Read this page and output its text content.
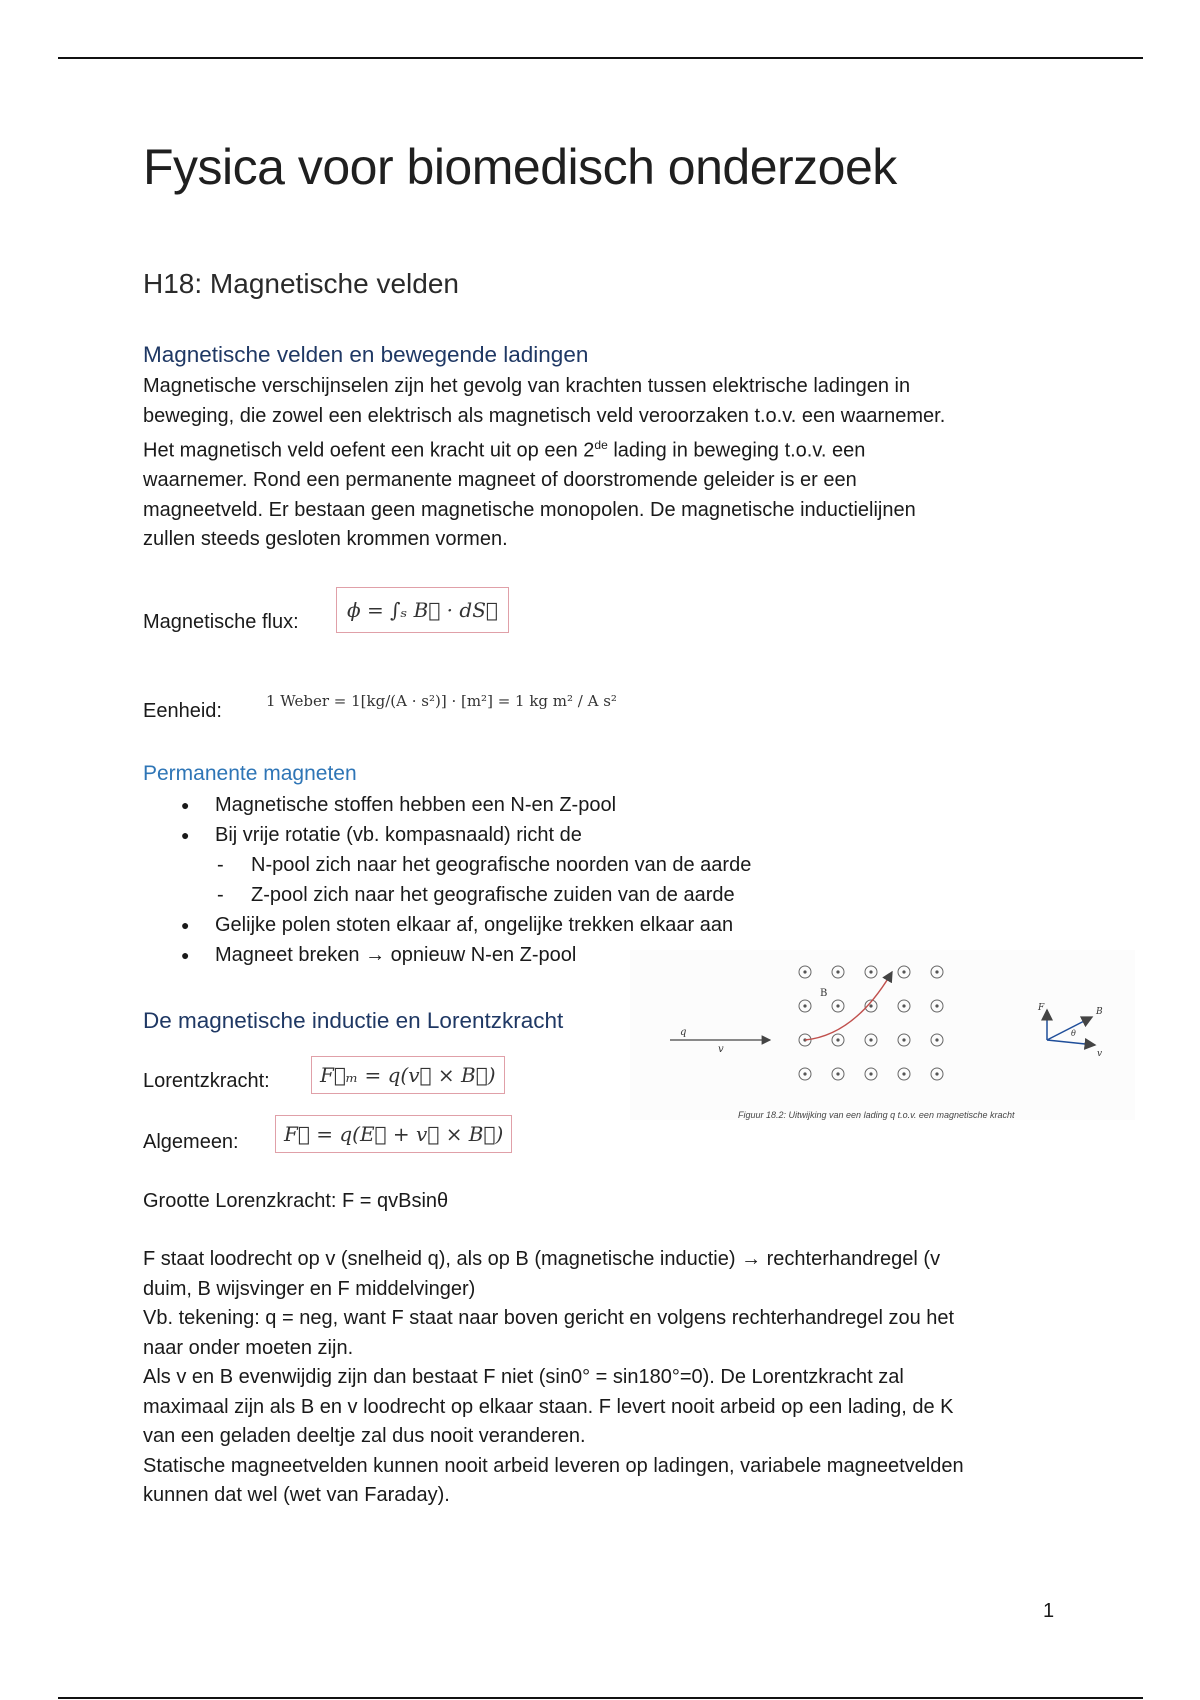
Fysica voor biomedisch onderzoek
H18: Magnetische velden
Magnetische velden en bewegende ladingen
Magnetische verschijnselen zijn het gevolg van krachten tussen elektrische ladingen in
beweging, die zowel een elektrisch als magnetisch veld veroorzaken t.o.v. een waarnemer.
Het magnetisch veld oefent een kracht uit op een 2de lading in beweging t.o.v. een
waarnemer. Rond een permanente magneet of doorstromende geleider is er een
magneetveld. Er bestaan geen magnetische monopolen. De magnetische inductielijnen
zullen steeds gesloten krommen vormen.
Magnetische flux:	ϕ = ∫ₛ B⃗ · dS⃗
Eenheid:	1 Weber = 1[kg/(A · s²)] · [m²] = 1 kg m² / A s²
Permanente magneten
● Magnetische stoffen hebben een N-en Z-pool
● Bij vrije rotatie (vb. kompasnaald) richt de
- N-pool zich naar het geografische noorden van de aarde
- Z-pool zich naar het geografische zuiden van de aarde
● Gelijke polen stoten elkaar af, ongelijke trekken elkaar aan
● Magneet breken → opnieuw N-en Z-pool
De magnetische inductie en Lorentzkracht
Lorentzkracht:	F⃗ₘ = q(v⃗ × B⃗)
Algemeen:	F⃗ = q(E⃗ + v⃗ × B⃗)
Grootte Lorenzkracht: F = qvBsinθ
F staat loodrecht op v (snelheid q), als op B (magnetische inductie) → rechterhandregel (v
duim, B wijsvinger en F middelvinger)
Vb. tekening: q = neg, want F staat naar boven gericht en volgens rechterhandregel zou het
naar onder moeten zijn.
Als v en B evenwijdig zijn dan bestaat F niet (sin0° = sin180°=0). De Lorentzkracht zal
maximaal zijn als B en v loodrecht op elkaar staan. F levert nooit arbeid op een lading, de K
van een geladen deeltje zal dus nooit veranderen.
Statische magneetvelden kunnen nooit arbeid leveren op ladingen, variabele magneetvelden
kunnen dat wel (wet van Faraday).
q
v
B
F	B
v
θ
Figuur 18.2: Uitwijking van een lading q t.o.v. een magnetische kracht
1
